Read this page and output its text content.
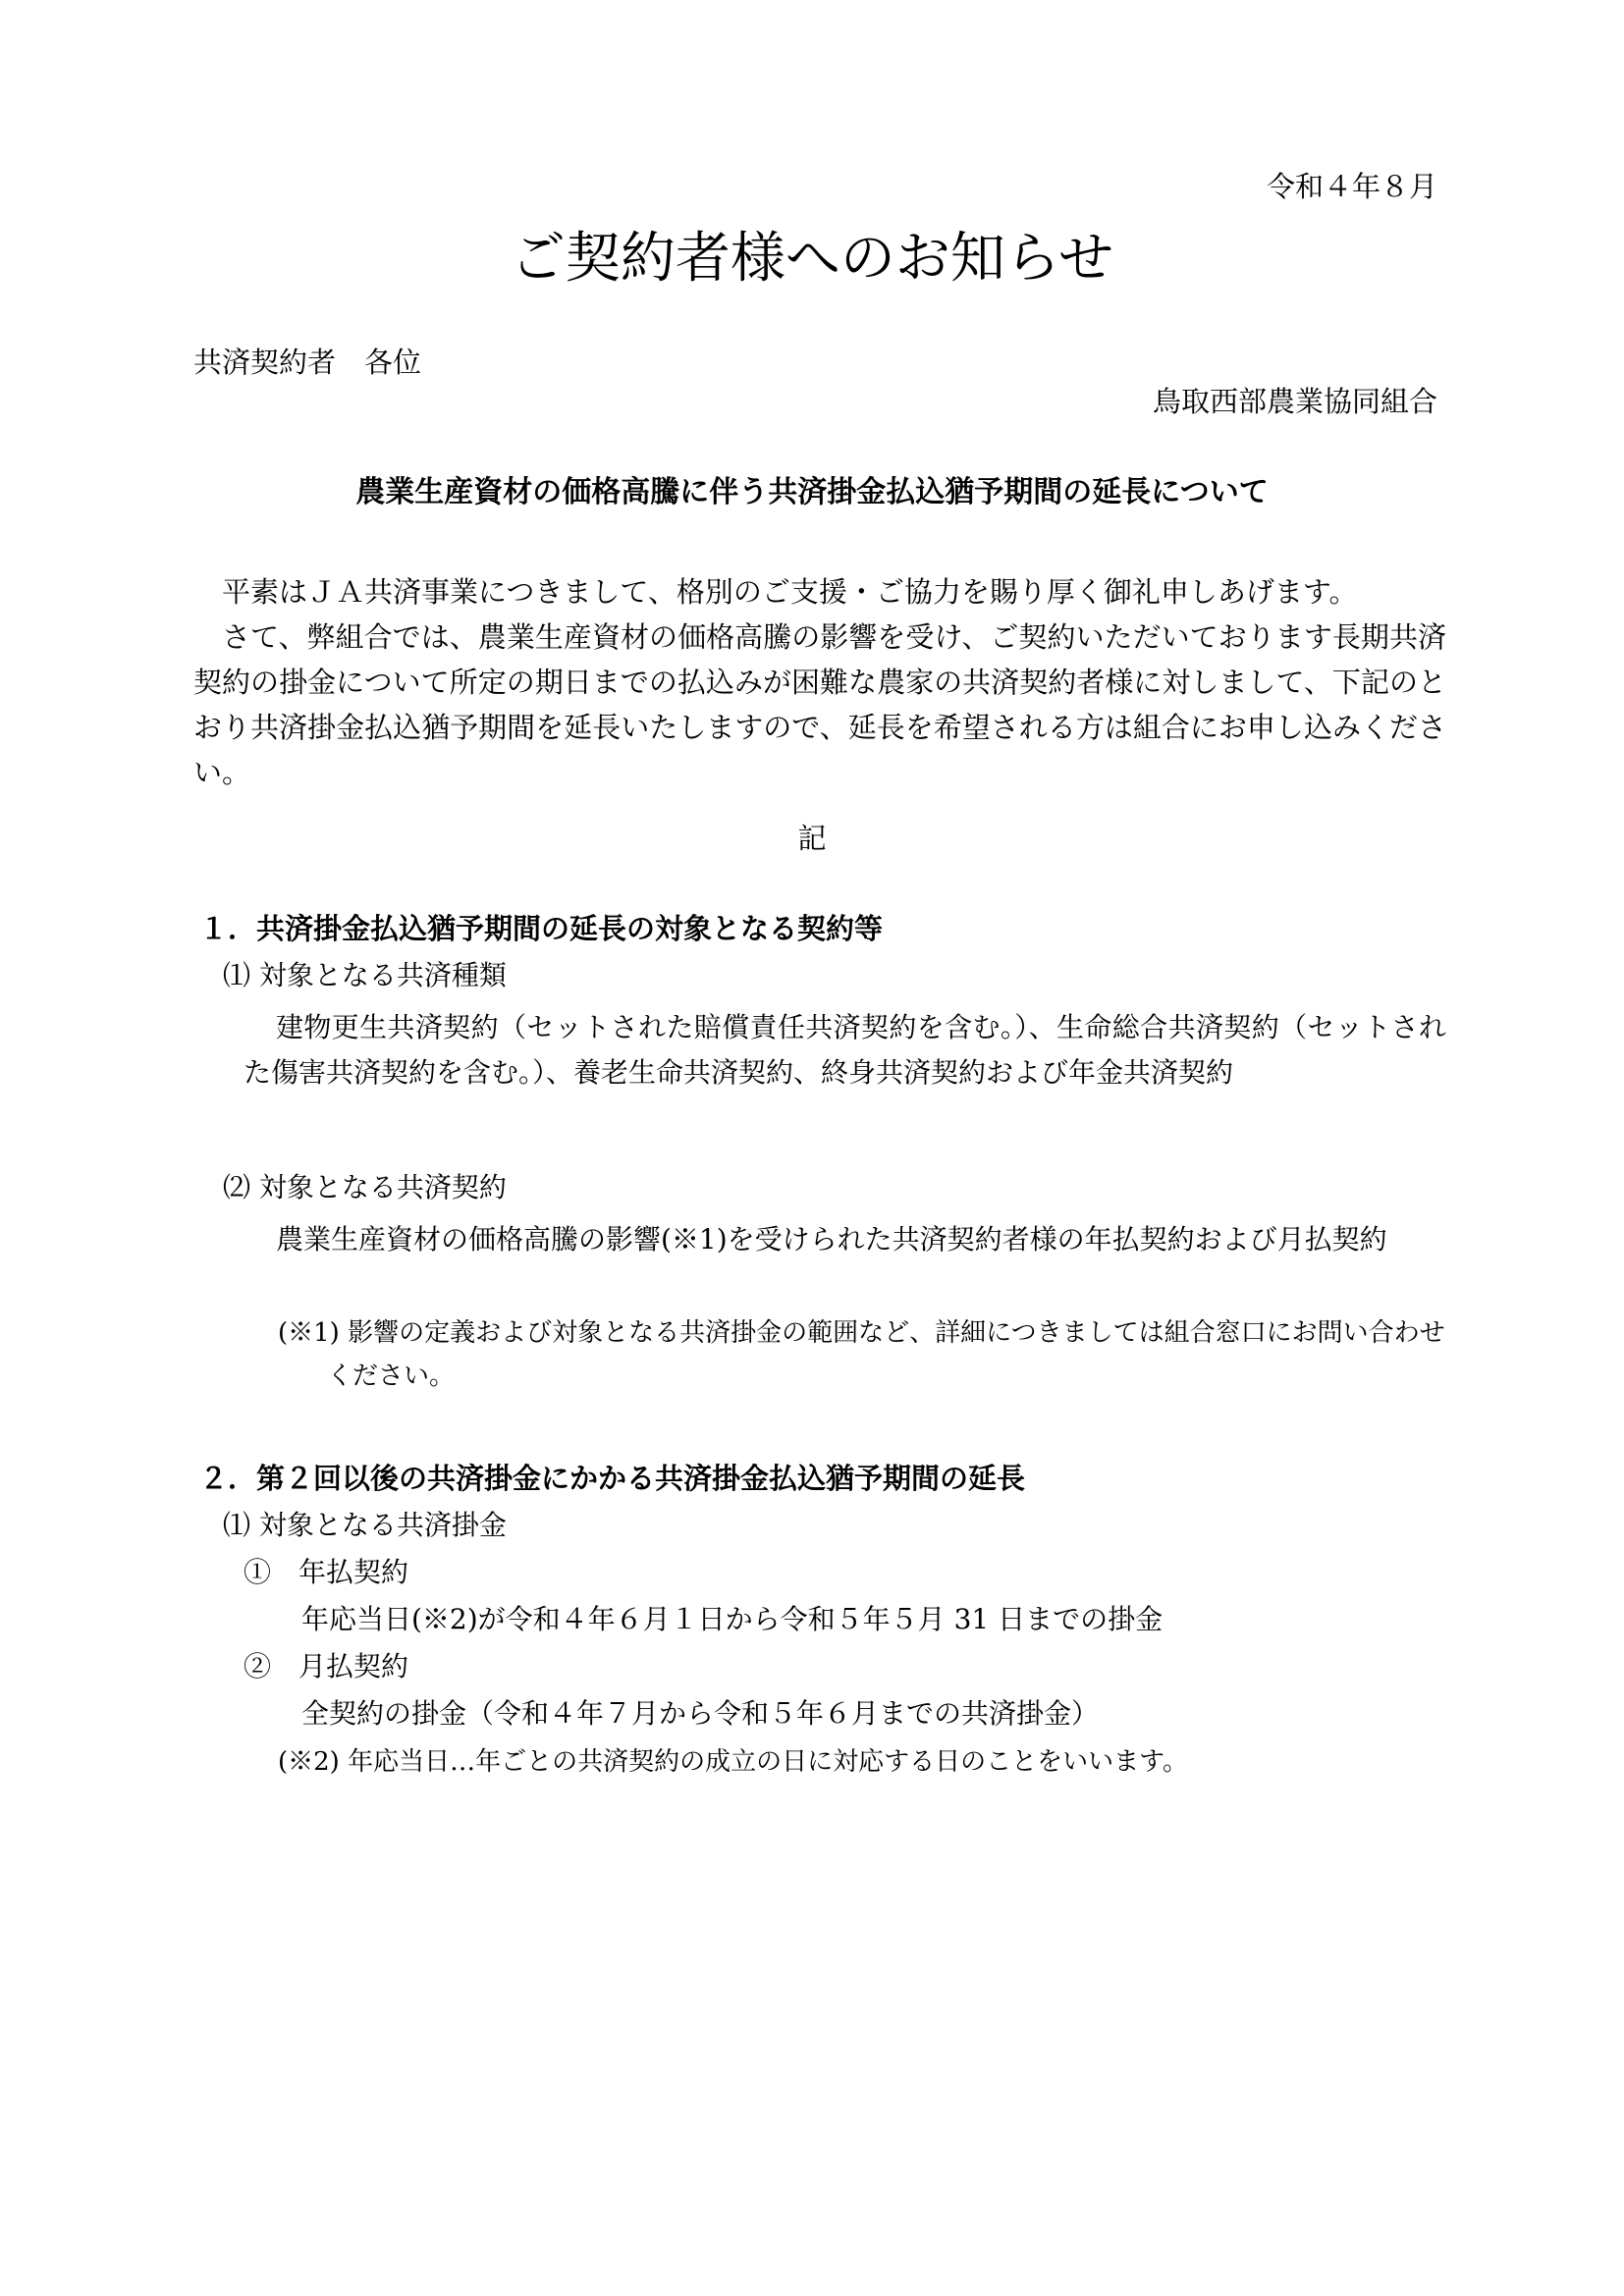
令和４年８月
ご契約者様へのお知らせ
共済契約者　各位
鳥取西部農業協同組合
農業生産資材の価格高騰に伴う共済掛金払込猶予期間の延長について

平素はＪＡ共済事業につきまして、格別のご支援・ご協力を賜り厚く御礼申しあげます。

さて、弊組合では、農業生産資材の価格高騰の影響を受け、ご契約いただいております長期共済契約の掛金について所定の期日までの払込みが困難な農家の共済契約者様に対しまして、下記のとおり共済掛金払込猶予期間を延長いたしますので、延長を希望される方は組合にお申し込みください。

記
１．共済掛金払込猶予期間の延長の対象となる契約等
⑴ 対象となる共済種類

建物更生共済契約（セットされた賠償責任共済契約を含む。）、生命総合共済契約（セットされた傷害共済契約を含む。）、養老生命共済契約、終身共済契約および年金共済契約

⑵ 対象となる共済契約

農業生産資材の価格高騰の影響(※1)を受けられた共済契約者様の年払契約および月払契約

(※1) 影響の定義および対象となる共済掛金の範囲など、詳細につきましては組合窓口にお問い合わせください。

２．第２回以後の共済掛金にかかる共済掛金払込猶予期間の延長
⑴ 対象となる共済掛金
①　年払契約
年応当日(※2)が令和４年６月１日から令和５年５月 31 日までの掛金
②　月払契約
全契約の掛金（令和４年７月から令和５年６月までの共済掛金）
(※2) 年応当日…年ごとの共済契約の成立の日に対応する日のことをいいます。
